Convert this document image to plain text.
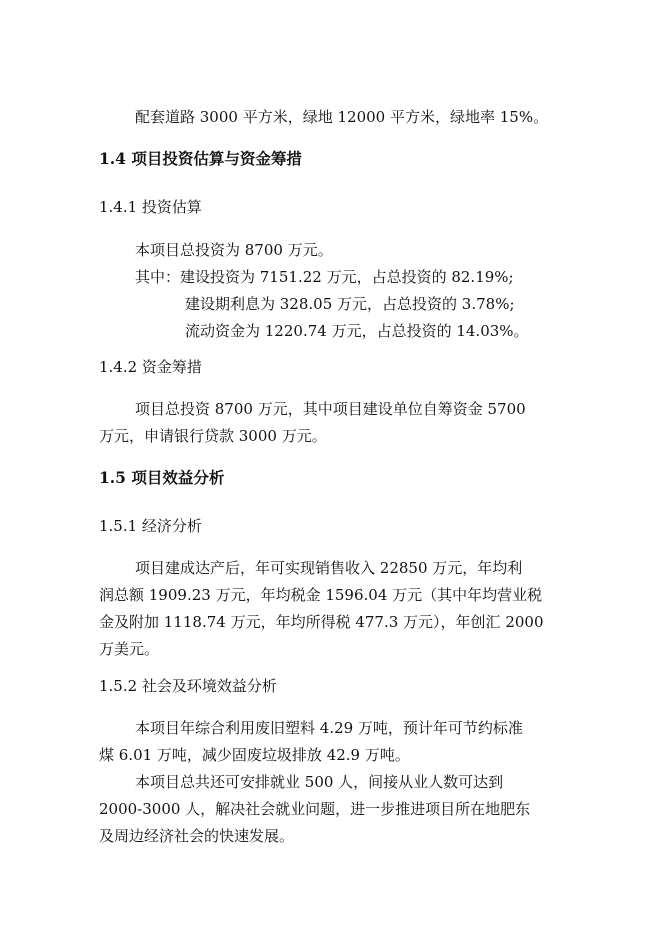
配套道路 3000 平方米，绿地 12000 平方米，绿地率 15%。
1.4 项目投资估算与资金筹措
1.4.1 投资估算
本项目总投资为 8700 万元。
其中：建设投资为 7151.22 万元，占总投资的 82.19%;
建设期利息为 328.05 万元，占总投资的 3.78%;
流动资金为 1220.74 万元，占总投资的 14.03%。
1.4.2 资金筹措
项目总投资 8700 万元，其中项目建设单位自筹资金 5700
万元，申请银行贷款 3000 万元。
1.5 项目效益分析
1.5.1 经济分析
项目建成达产后，年可实现销售收入 22850 万元，年均利
润总额 1909.23 万元，年均税金 1596.04 万元（其中年均营业税
金及附加 1118.74 万元，年均所得税 477.3 万元），年创汇 2000
万美元。
1.5.2 社会及环境效益分析
本项目年综合利用废旧塑料 4.29 万吨，预计年可节约标准
煤 6.01 万吨，减少固废垃圾排放 42.9 万吨。
本项目总共还可安排就业 500 人，间接从业人数可达到
2000-3000 人，解决社会就业问题，进一步推进项目所在地肥东
及周边经济社会的快速发展。
